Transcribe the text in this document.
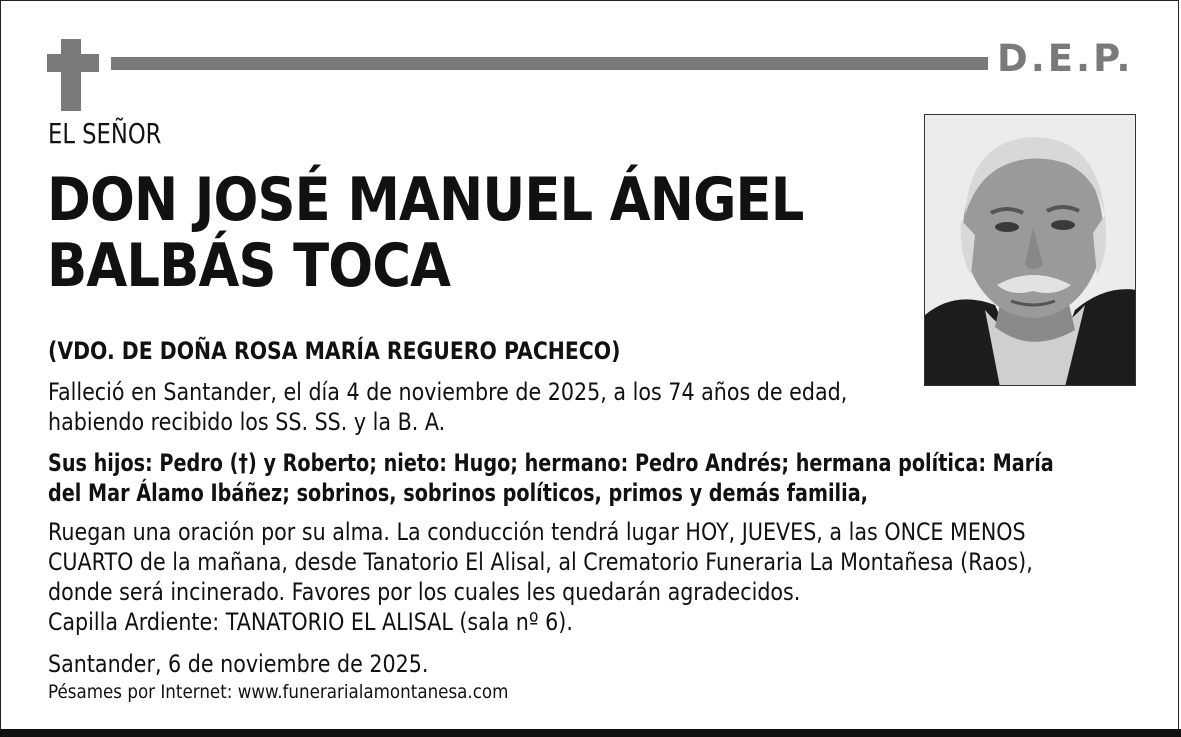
D.E.P.

EL SEÑOR

DON JOSÉ MANUEL ÁNGEL
BALBÁS TOCA

(VDO. DE DOÑA ROSA MARÍA REGUERO PACHECO)

Falleció en Santander, el día 4 de noviembre de 2025, a los 74 años de edad,
habiendo recibido los SS. SS. y la B. A.
Sus hijos: Pedro (†) y Roberto; nieto: Hugo; hermano: Pedro Andrés; hermana política: María
del Mar Álamo Ibáñez; sobrinos, sobrinos políticos, primos y demás familia,
Ruegan una oración por su alma. La conducción tendrá lugar HOY, JUEVES, a las ONCE MENOS
CUARTO de la mañana, desde Tanatorio El Alisal, al Crematorio Funeraria La Montañesa (Raos),
donde será incinerado. Favores por los cuales les quedarán agradecidos.
Capilla Ardiente: TANATORIO EL ALISAL (sala nº 6).

Santander, 6 de noviembre de 2025.

Pésames por Internet: www.funerarialamontanesa.com
